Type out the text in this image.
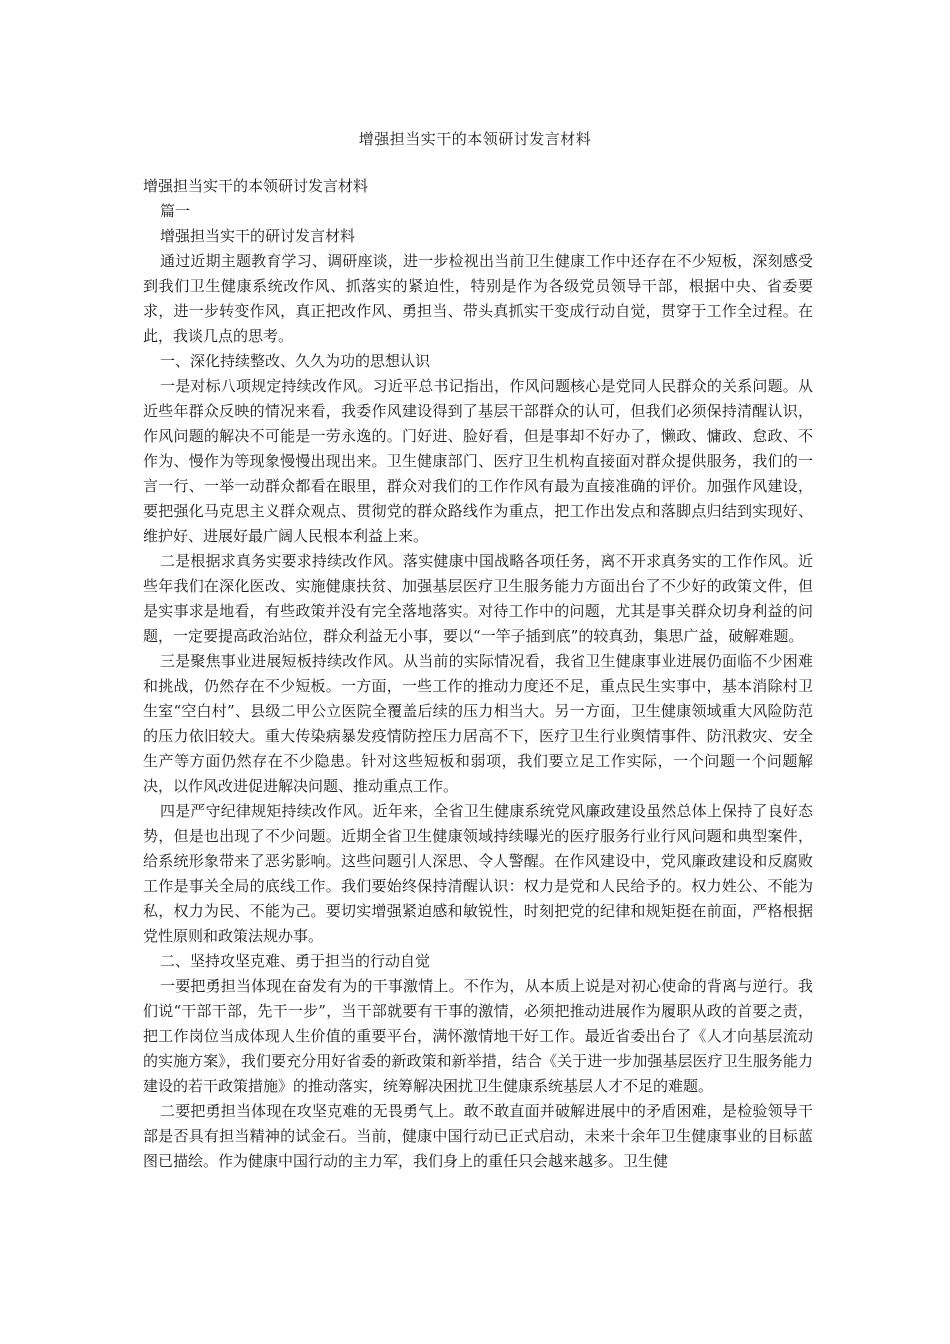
增强担当实干的本领研讨发言材料

增强担当实干的本领研讨发言材料

篇一

增强担当实干的研讨发言材料

通过近期主题教育学习、调研座谈，进一步检视出当前卫生健康工作中还存在不少短板，深刻感受到我们卫生健康系统改作风、抓落实的紧迫性，特别是作为各级党员领导干部，根据中央、省委要求，进一步转变作风，真正把改作风、勇担当、带头真抓实干变成行动自觉，贯穿于工作全过程。在此，我谈几点的思考。

一、深化持续整改、久久为功的思想认识

一是对标八项规定持续改作风。习近平总书记指出，作风问题核心是党同人民群众的关系问题。从近些年群众反映的情况来看，我委作风建设得到了基层干部群众的认可，但我们必须保持清醒认识，作风问题的解决不可能是一劳永逸的。门好进、脸好看，但是事却不好办了，懒政、慵政、怠政、不作为、慢作为等现象慢慢出现出来。卫生健康部门、医疗卫生机构直接面对群众提供服务，我们的一言一行、一举一动群众都看在眼里，群众对我们的工作作风有最为直接准确的评价。加强作风建设，要把强化马克思主义群众观点、贯彻党的群众路线作为重点，把工作出发点和落脚点归结到实现好、维护好、进展好最广阔人民根本利益上来。

二是根据求真务实要求持续改作风。落实健康中国战略各项任务，离不开求真务实的工作作风。近些年我们在深化医改、实施健康扶贫、加强基层医疗卫生服务能力方面出台了不少好的政策文件，但是实事求是地看，有些政策并没有完全落地落实。对待工作中的问题，尤其是事关群众切身利益的问题，一定要提高政治站位，群众利益无小事，要以“一竿子插到底”的较真劲，集思广益，破解难题。

三是聚焦事业进展短板持续改作风。从当前的实际情况看，我省卫生健康事业进展仍面临不少困难和挑战，仍然存在不少短板。一方面，一些工作的推动力度还不足，重点民生实事中，基本消除村卫生室“空白村”、县级二甲公立医院全覆盖后续的压力相当大。另一方面，卫生健康领域重大风险防范的压力依旧较大。重大传染病暴发疫情防控压力居高不下，医疗卫生行业舆情事件、防汛救灾、安全生产等方面仍然存在不少隐患。针对这些短板和弱项，我们要立足工作实际，一个问题一个问题解决，以作风改进促进解决问题、推动重点工作。

四是严守纪律规矩持续改作风。近年来，全省卫生健康系统党风廉政建设虽然总体上保持了良好态势，但是也出现了不少问题。近期全省卫生健康领域持续曝光的医疗服务行业行风问题和典型案件，给系统形象带来了恶劣影响。这些问题引人深思、令人警醒。在作风建设中，党风廉政建设和反腐败工作是事关全局的底线工作。我们要始终保持清醒认识：权力是党和人民给予的。权力姓公、不能为私，权力为民、不能为己。要切实增强紧迫感和敏锐性，时刻把党的纪律和规矩挺在前面，严格根据党性原则和政策法规办事。

二、坚持攻坚克难、勇于担当的行动自觉

一要把勇担当体现在奋发有为的干事激情上。不作为，从本质上说是对初心使命的背离与逆行。我们说“干部干部，先干一步”，当干部就要有干事的激情，必须把推动进展作为履职从政的首要之责，把工作岗位当成体现人生价值的重要平台，满怀激情地干好工作。最近省委出台了《人才向基层流动的实施方案》，我们要充分用好省委的新政策和新举措，结合《关于进一步加强基层医疗卫生服务能力建设的若干政策措施》的推动落实，统筹解决困扰卫生健康系统基层人才不足的难题。

二要把勇担当体现在攻坚克难的无畏勇气上。敢不敢直面并破解进展中的矛盾困难，是检验领导干部是否具有担当精神的试金石。当前，健康中国行动已正式启动，未来十余年卫生健康事业的目标蓝图已描绘。作为健康中国行动的主力军，我们身上的重任只会越来越多。卫生健
